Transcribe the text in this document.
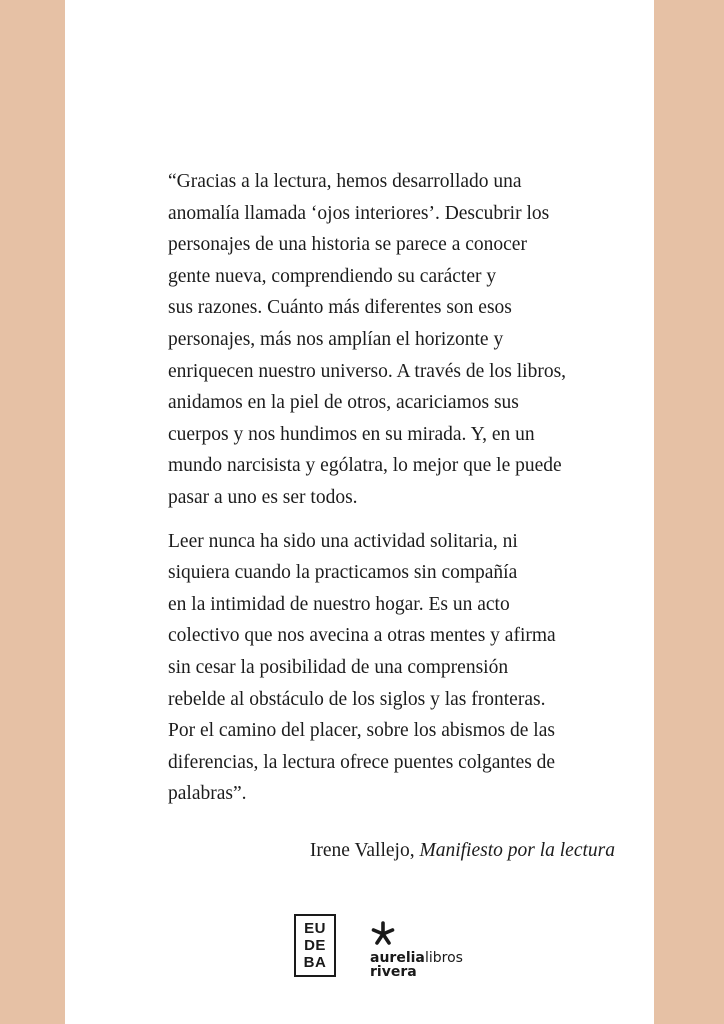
“Gracias a la lectura, hemos desarrollado una
anomalía llamada ‘ojos interiores’. Descubrir los
personajes de una historia se parece a conocer
gente nueva, comprendiendo su carácter y
sus razones. Cuánto más diferentes son esos
personajes, más nos amplían el horizonte y
enriquecen nuestro universo. A través de los libros,
anidamos en la piel de otros, acariciamos sus
cuerpos y nos hundimos en su mirada. Y, en un
mundo narcisista y ególatra, lo mejor que le puede
pasar a uno es ser todos.

Leer nunca ha sido una actividad solitaria, ni
siquiera cuando la practicamos sin compañía
en la intimidad de nuestro hogar. Es un acto
colectivo que nos avecina a otras mentes y afirma
sin cesar la posibilidad de una comprensión
rebelde al obstáculo de los siglos y las fronteras.
Por el camino del placer, sobre los abismos de las
diferencias, la lectura ofrece puentes colgantes de
palabras”.

Irene Vallejo, Manifiesto por la lectura
EU
DE
BA	aurelia
rivera
libros
